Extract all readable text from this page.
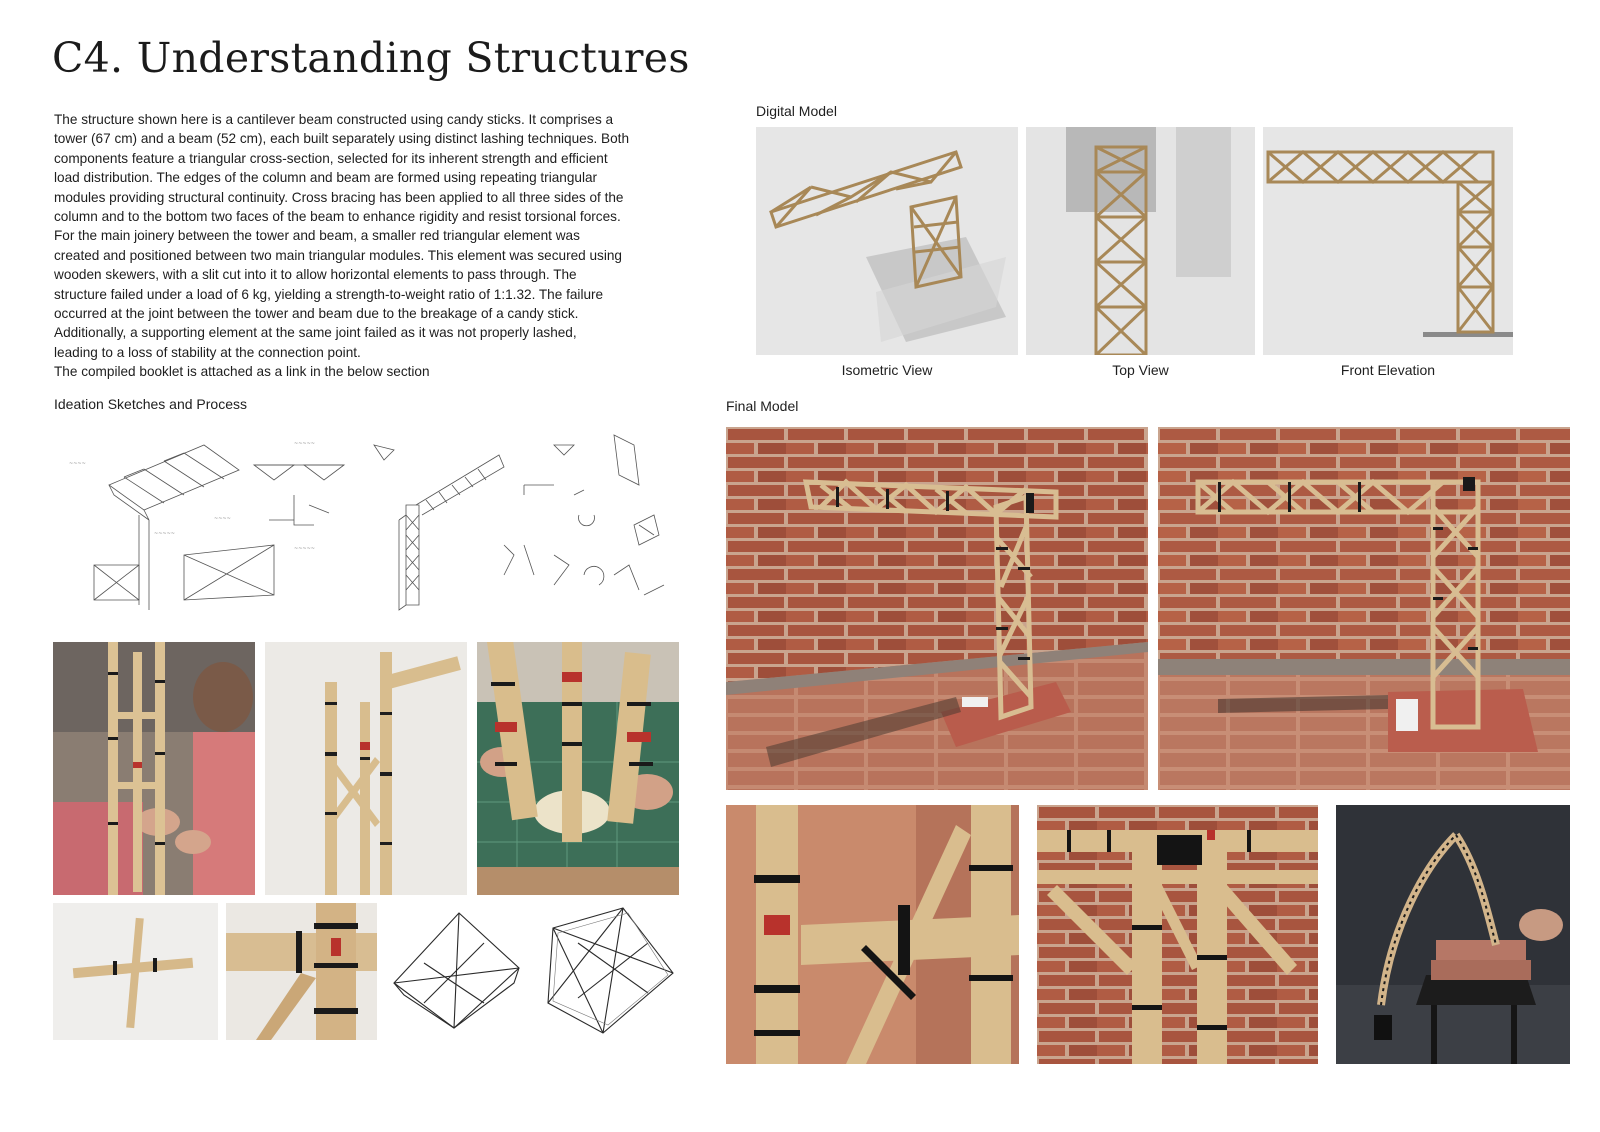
C4. Understanding Structures

The structure shown here is a cantilever beam constructed using candy sticks. It comprises a

tower (67 cm) and a beam (52 cm), each built separately using distinct lashing techniques. Both

components feature a triangular cross-section, selected for its inherent strength and efficient

load distribution. The edges of the column and beam are formed using repeating triangular

modules providing structural continuity. Cross bracing has been applied to all three sides of the

column and to the bottom two faces of the beam to enhance rigidity and resist torsional forces.

For the main joinery between the tower and beam, a smaller red triangular element was

created and positioned between two main triangular modules. This element was secured using

wooden skewers, with a slit cut into it to allow horizontal elements to pass through. The

structure failed under a load of 6 kg, yielding a strength-to-weight ratio of 1:1.32. The failure

occurred at the joint between the tower and beam due to the breakage of a candy stick.

Additionally, a supporting element at the same joint failed as it was not properly lashed,

leading to a loss of stability at the connection point.

The compiled booklet is attached as a link in the below section

Ideation Sketches and Process
Digital Model
Final Model
~~~~
~~~~~
~~~~~
~~~~
~~~~~
Isometric View	Top View	Front Elevation
